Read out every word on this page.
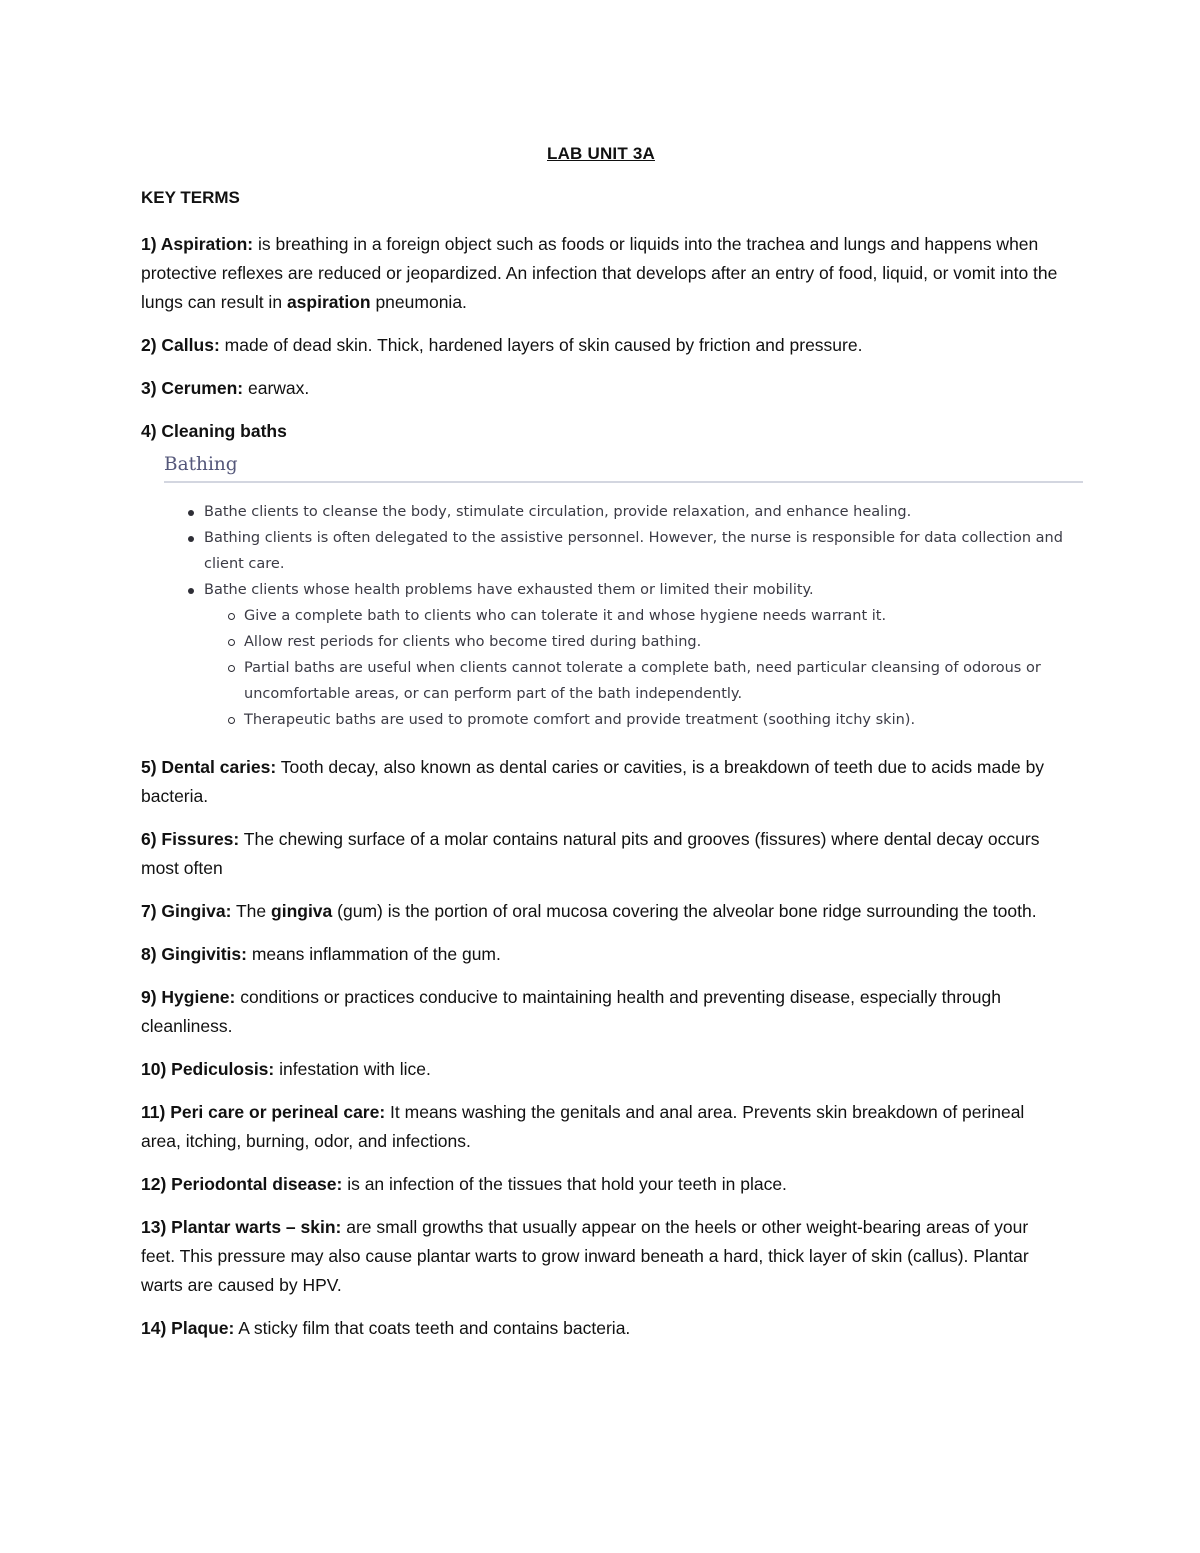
LAB UNIT 3A
KEY TERMS

1) Aspiration: is breathing in a foreign object such as foods or liquids into the trachea and lungs and happens when protective reflexes are reduced or jeopardized. An infection that develops after an entry of food, liquid, or vomit into the lungs can result in aspiration pneumonia.

2) Callus: made of dead skin. Thick, hardened layers of skin caused by friction and pressure.

3) Cerumen: earwax.

4) Cleaning baths

Bathing
Bathe clients to cleanse the body, stimulate circulation, provide relaxation, and enhance healing.
Bathing clients is often delegated to the assistive personnel. However, the nurse is responsible for data collection and client care.
Bathe clients whose health problems have exhausted them or limited their mobility.
Give a complete bath to clients who can tolerate it and whose hygiene needs warrant it.
Allow rest periods for clients who become tired during bathing.
Partial baths are useful when clients cannot tolerate a complete bath, need particular cleansing of odorous or uncomfortable areas, or can perform part of the bath independently.
Therapeutic baths are used to promote comfort and provide treatment (soothing itchy skin).

5) Dental caries: Tooth decay, also known as dental caries or cavities, is a breakdown of teeth due to acids made by bacteria.

6) Fissures: The chewing surface of a molar contains natural pits and grooves (fissures) where dental decay occurs most often

7) Gingiva: The gingiva (gum) is the portion of oral mucosa covering the alveolar bone ridge surrounding the tooth.

8) Gingivitis: means inflammation of the gum.

9) Hygiene: conditions or practices conducive to maintaining health and preventing disease, especially through cleanliness.

10) Pediculosis: infestation with lice.

11) Peri care or perineal care: It means washing the genitals and anal area. Prevents skin breakdown of perineal area, itching, burning, odor, and infections.

12) Periodontal disease: is an infection of the tissues that hold your teeth in place.

13) Plantar warts – skin: are small growths that usually appear on the heels or other weight-bearing areas of your feet. This pressure may also cause plantar warts to grow inward beneath a hard, thick layer of skin (callus). Plantar warts are caused by HPV.

14) Plaque: A sticky film that coats teeth and contains bacteria.
